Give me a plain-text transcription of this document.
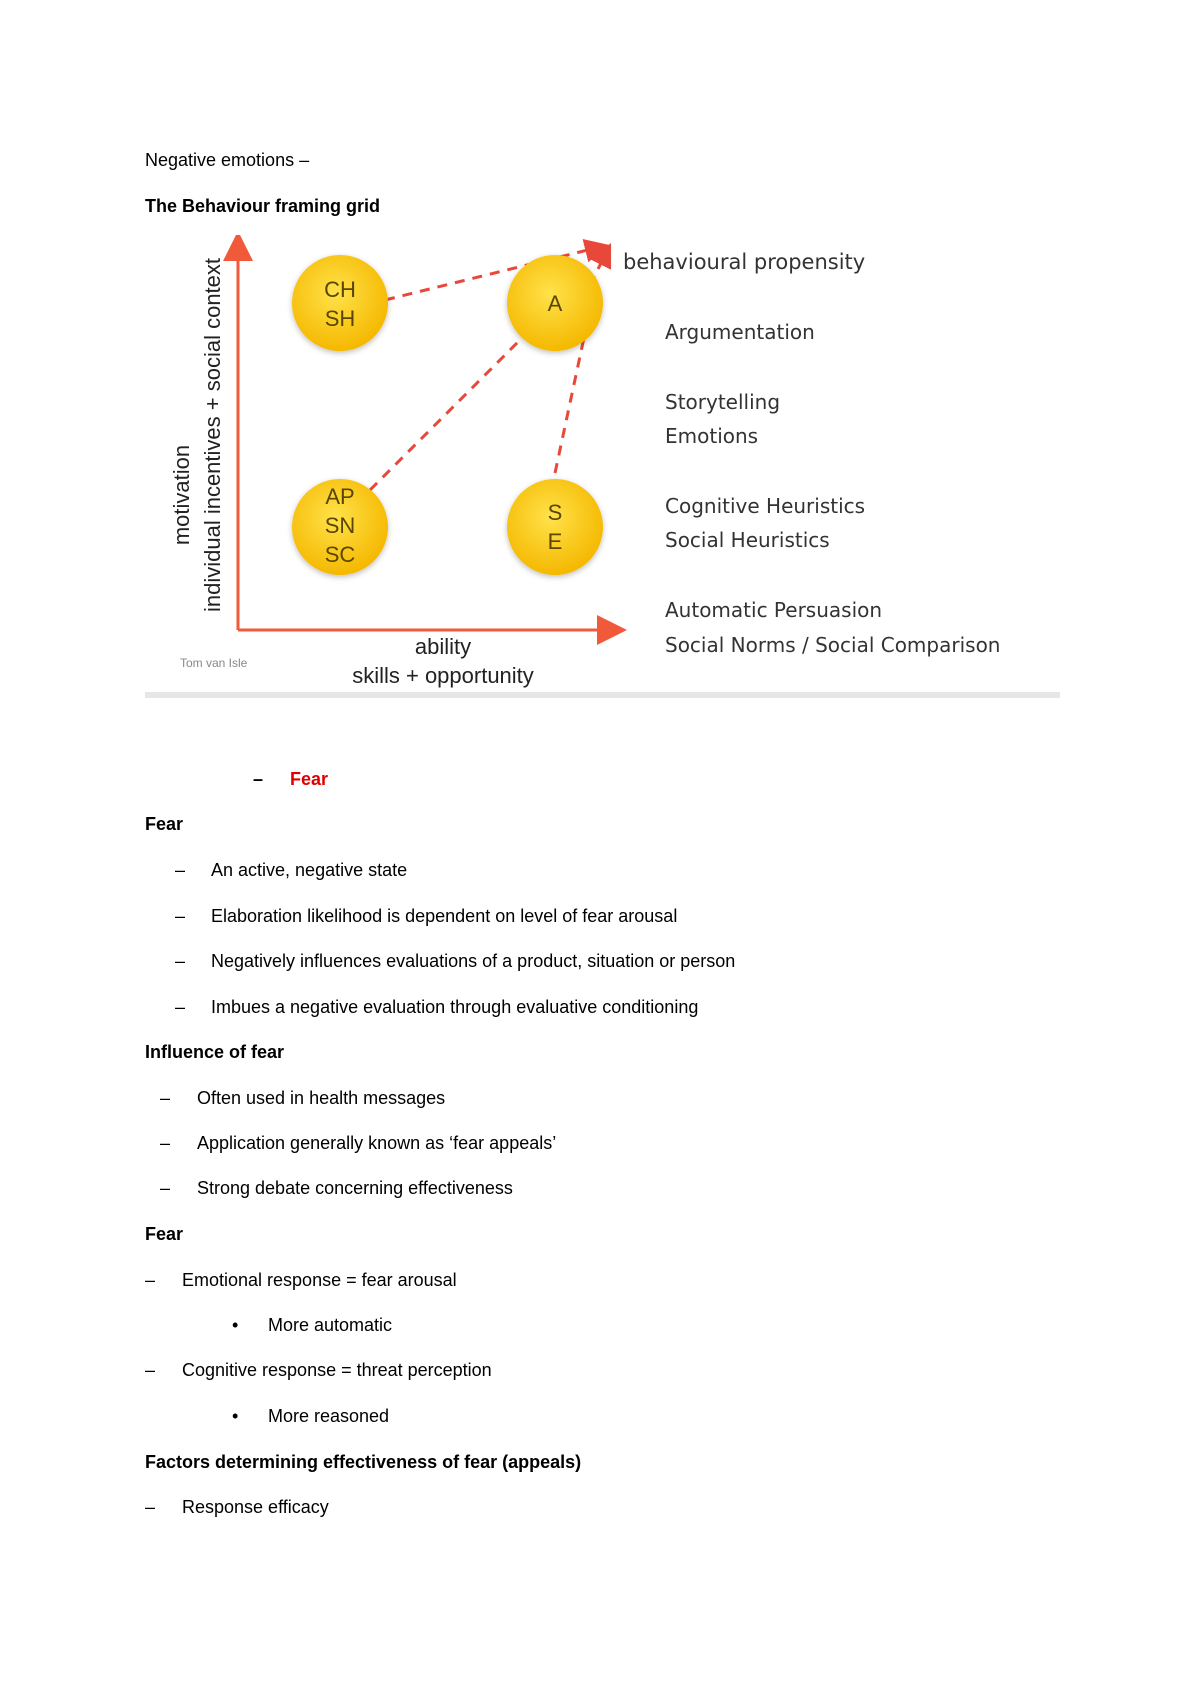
Negative emotions –
The Behaviour framing grid
CH
SH
A
AP
SN
SC
S
E
motivation individual incentives + social context
ability
skills + opportunity
Tom van Isle
behavioural propensity
Argumentation
Storytelling
Emotions
Cognitive Heuristics
Social Heuristics
Automatic Persuasion
Social Norms / Social Comparison
– Fear
Fear
– An active, negative state
– Elaboration likelihood is dependent on level of fear arousal
– Negatively influences evaluations of a product, situation or person
– Imbues a negative evaluation through evaluative conditioning
Influence of fear
– Often used in health messages
– Application generally known as ‘fear appeals’
– Strong debate concerning effectiveness
Fear
– Emotional response = fear arousal
• More automatic
– Cognitive response = threat perception
• More reasoned
Factors determining effectiveness of fear (appeals)
– Response efficacy
